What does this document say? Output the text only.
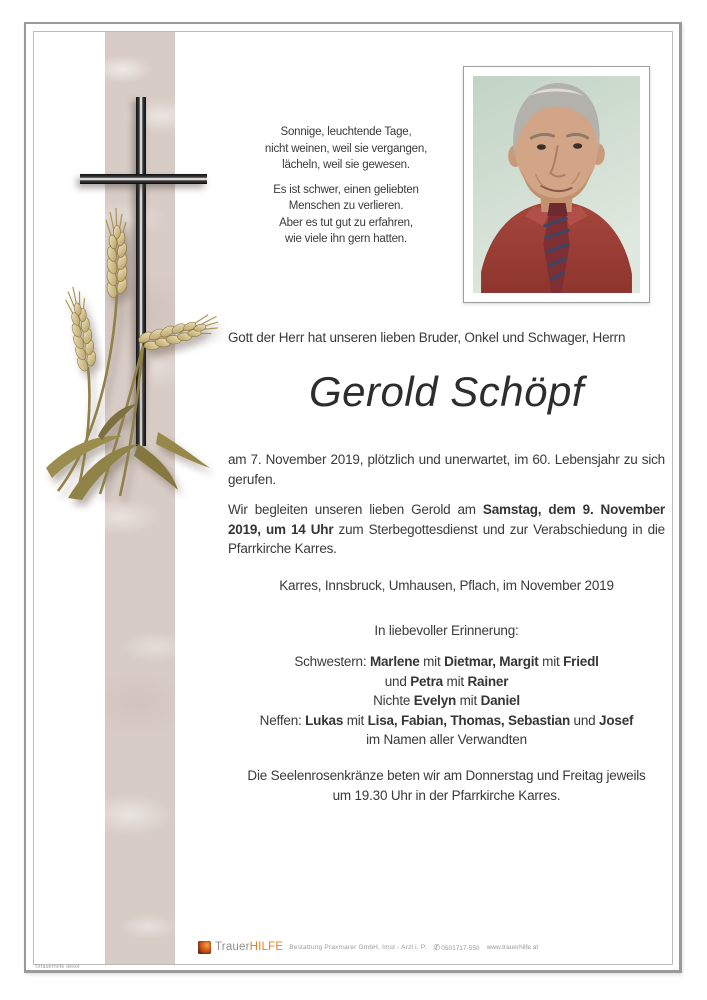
Sonnige, leuchtende Tage,
nicht weinen, weil sie vergangen,
lächeln, weil sie gewesen.

Es ist schwer, einen geliebten
Menschen zu verlieren.
Aber es tut gut zu erfahren,
wie viele ihn gern hatten.

Gott der Herr hat unseren lieben Bruder, Onkel und Schwager, Herrn
Gerold Schöpf
am 7. November 2019, plötzlich und unerwartet, im 60. Lebensjahr zu sich gerufen.
Wir begleiten unseren lieben Gerold am Samstag, dem 9. November 2019, um 14 Uhr zum Sterbegottesdienst und zur Verabschiedung in die Pfarrkirche Karres.
Karres, Innsbruck, Umhausen, Pflach, im November 2019
In liebevoller Erinnerung:
Schwestern: Marlene mit Dietmar, Margit mit Friedl
und Petra mit Rainer
Nichte Evelyn mit Daniel
Neffen: Lukas mit Lisa, Fabian, Thomas, Sebastian und Josef
im Namen aller Verwandten
Die Seelenrosenkränze beten wir am Donnerstag und Freitag jeweils
um 19.30 Uhr in der Pfarrkirche Karres.
TrauerHILFE Bestattung Praxmarer GmbH, Imst - Arzl i. P. ✆0501717-550 www.trauerhilfe.at
©trauerhilfe dekor
